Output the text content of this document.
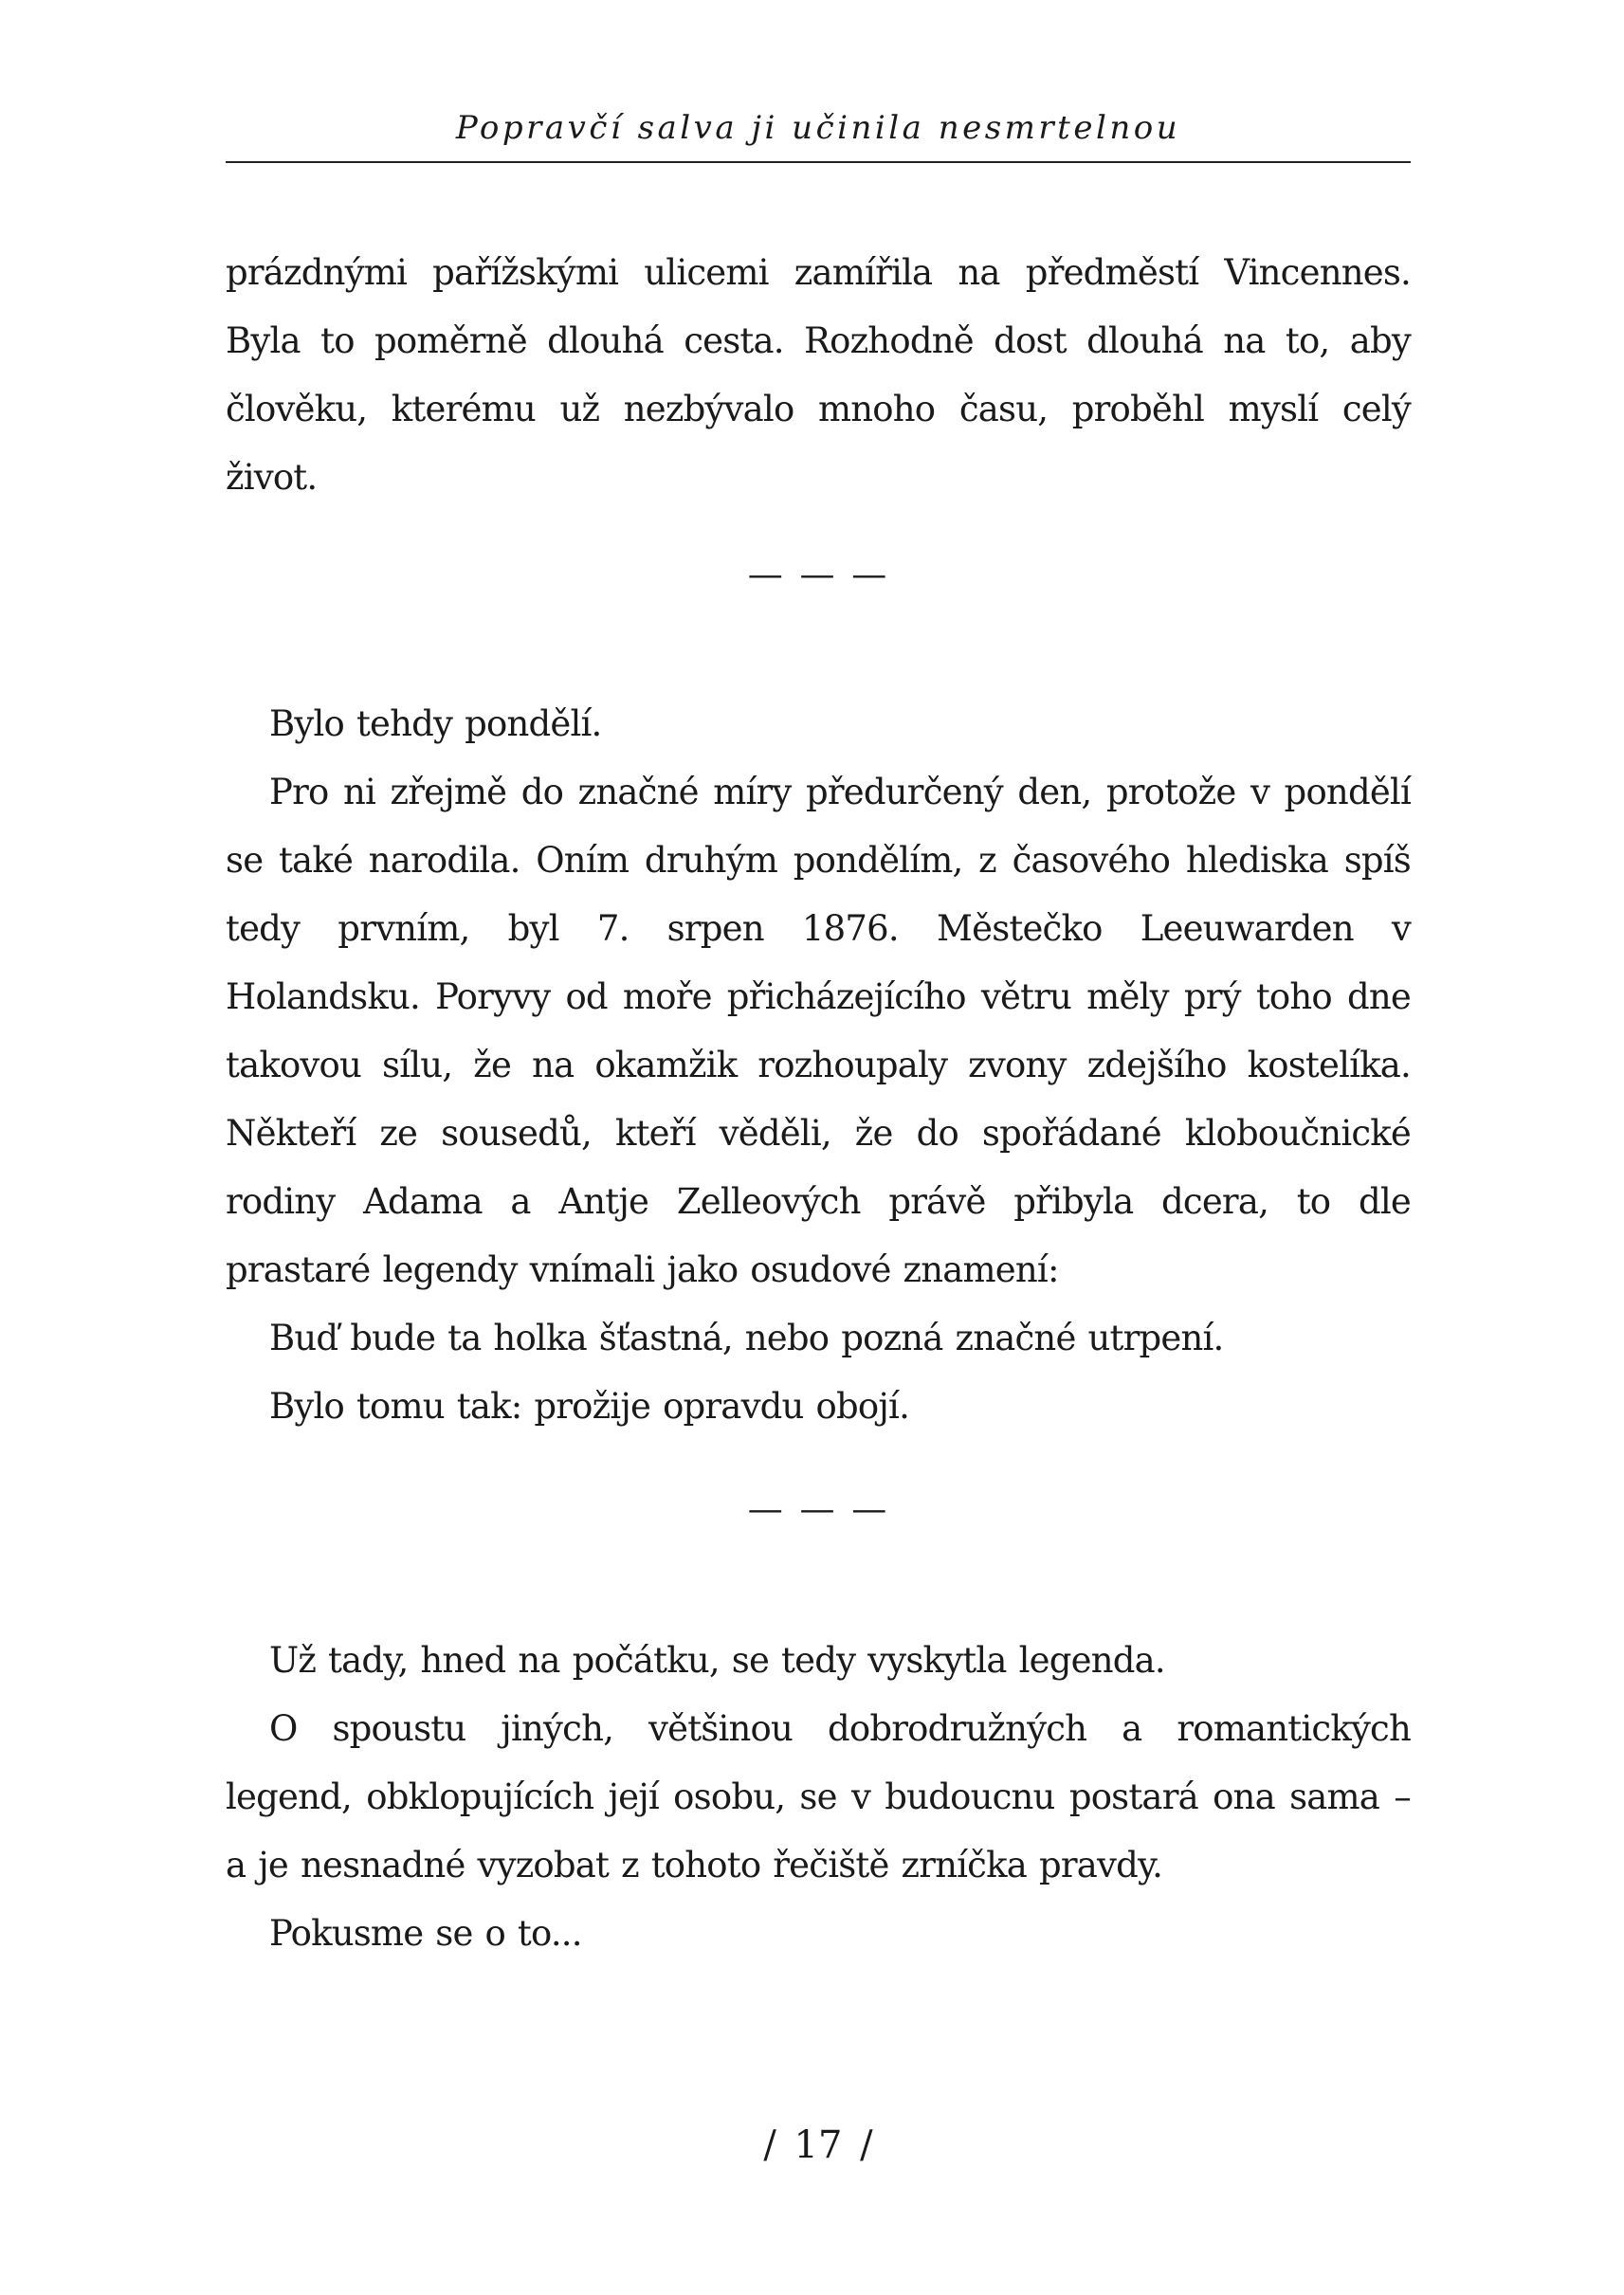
Popravčí salva ji učinila nesmrtelnou

prázdnými pařížskými ulicemi zamířila na předměstí Vincennes. Byla to poměrně dlouhá cesta. Rozhodně dost dlouhá na to, aby člověku, kterému už nezbývalo mnoho času, proběhl myslí celý život.

— — —

Bylo tehdy pondělí.

Pro ni zřejmě do značné míry předurčený den, protože v pondělí se také narodila. Oním druhým pondělím, z časového hlediska spíš tedy prvním, byl 7. srpen 1876. Městečko Leeuwarden v Holandsku. Poryvy od moře přicházejícího větru měly prý toho dne takovou sílu, že na okamžik rozhoupaly zvony zdejšího kostelíka. Někteří ze sousedů, kteří věděli, že do spořádané kloboučnické rodiny Adama a Antje Zelleových právě přibyla dcera, to dle prastaré legendy vnímali jako osudové znamení:

Buď bude ta holka šťastná, nebo pozná značné utrpení.

Bylo tomu tak: prožije opravdu obojí.

— — —

Už tady, hned na počátku, se tedy vyskytla legenda.

O spoustu jiných, většinou dobrodružných a romantických legend, obklopujících její osobu, se v budoucnu postará ona sama – a je nesnadné vyzobat z tohoto řečiště zrníčka pravdy.

Pokusme se o to...

/ 17 /
